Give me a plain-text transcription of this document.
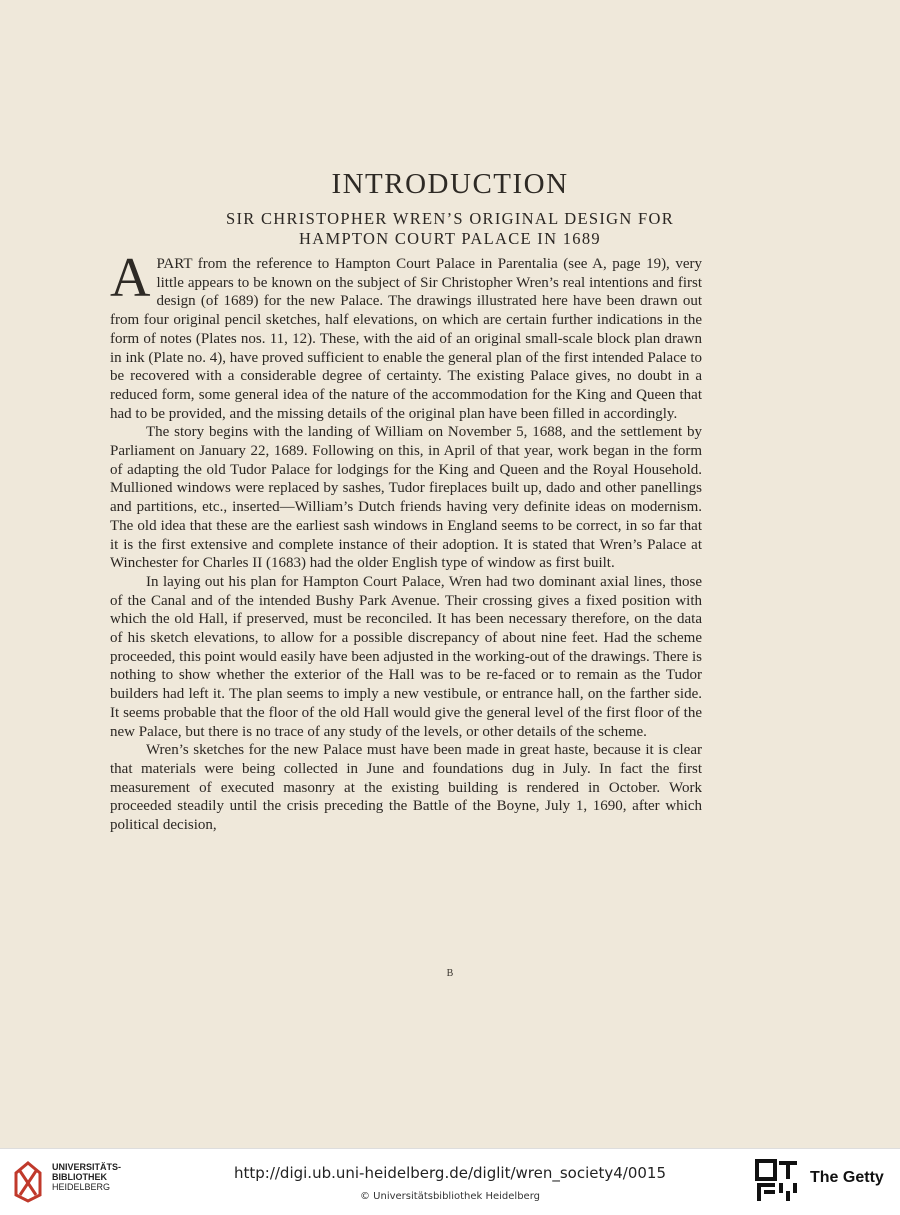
INTRODUCTION
SIR CHRISTOPHER WREN’S ORIGINAL DESIGN FOR
HAMPTON COURT PALACE IN 1689

APART from the reference to Hampton Court Palace in Parentalia (see A, page 19), very little appears to be known on the subject of Sir Christopher Wren’s real intentions and first design (of 1689) for the new Palace. The drawings illustrated here have been drawn out from four original pencil sketches, half elevations, on which are certain further indications in the form of notes (Plates nos. 11, 12). These, with the aid of an original small-scale block plan drawn in ink (Plate no. 4), have proved sufficient to enable the general plan of the first intended Palace to be recovered with a considerable degree of certainty. The existing Palace gives, no doubt in a reduced form, some general idea of the nature of the accommodation for the King and Queen that had to be provided, and the missing details of the original plan have been filled in accordingly.

The story begins with the landing of William on November 5, 1688, and the settlement by Parliament on January 22, 1689. Following on this, in April of that year, work began in the form of adapting the old Tudor Palace for lodgings for the King and Queen and the Royal Household. Mullioned windows were replaced by sashes, Tudor fireplaces built up, dado and other panellings and partitions, etc., inserted—William’s Dutch friends having very definite ideas on modernism. The old idea that these are the earliest sash windows in England seems to be correct, in so far that it is the first extensive and complete instance of their adoption. It is stated that Wren’s Palace at Winchester for Charles II (1683) had the older English type of window as first built.

In laying out his plan for Hampton Court Palace, Wren had two dominant axial lines, those of the Canal and of the intended Bushy Park Avenue. Their crossing gives a fixed position with which the old Hall, if preserved, must be reconciled. It has been necessary therefore, on the data of his sketch elevations, to allow for a possible discrepancy of about nine feet. Had the scheme proceeded, this point would easily have been adjusted in the working-out of the drawings. There is nothing to show whether the exterior of the Hall was to be re-faced or to remain as the Tudor builders had left it. The plan seems to imply a new vestibule, or entrance hall, on the farther side. It seems probable that the floor of the old Hall would give the general level of the first floor of the new Palace, but there is no trace of any study of the levels, or other details of the scheme.

Wren’s sketches for the new Palace must have been made in great haste, because it is clear that materials were being collected in June and foundations dug in July. In fact the first measurement of executed masonry at the existing building is rendered in October. Work proceeded steadily until the crisis preceding the Battle of the Boyne, July 1, 1690, after which political decision,

B
UNIVERSITÄTS-
BIBLIOTHEK
HEIDELBERG
http://digi.ub.uni-heidelberg.de/diglit/wren_society4/0015
© Universitätsbibliothek Heidelberg
The Getty
